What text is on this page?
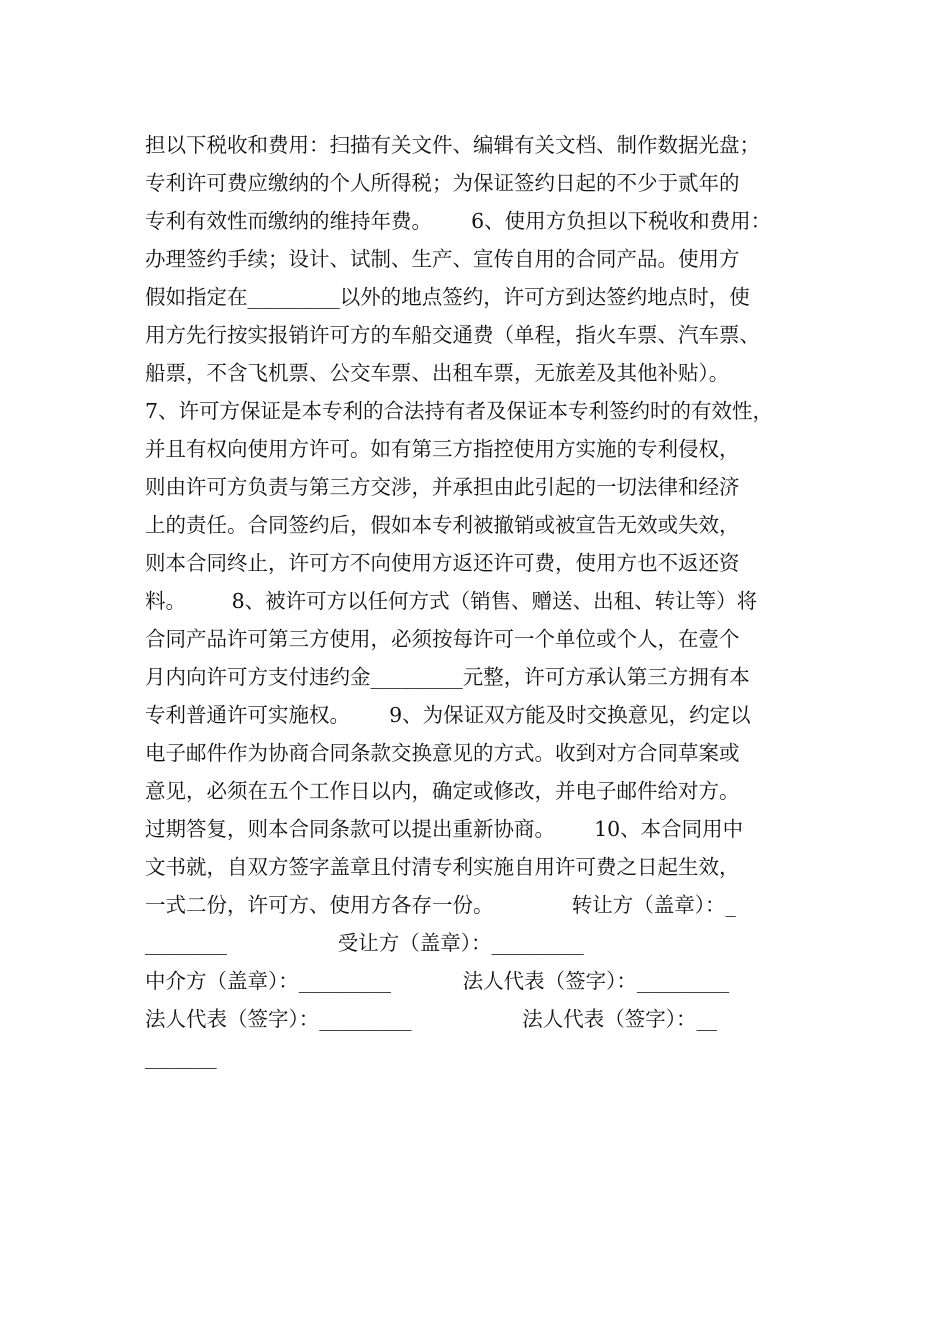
担以下税收和费用：扫描有关文件、编辑有关文档、制作数据光盘；
专利许可费应缴纳的个人所得税；为保证签约日起的不少于贰年的
专利有效性而缴纳的维持年费。      6、使用方负担以下税收和费用：
办理签约手续；设计、试制、生产、宣传自用的合同产品。使用方
假如指定在_________以外的地点签约，许可方到达签约地点时，使
用方先行按实报销许可方的车船交通费（单程，指火车票、汽车票、
船票，不含飞机票、公交车票、出租车票，无旅差及其他补贴）。
7、许可方保证是本专利的合法持有者及保证本专利签约时的有效性，
并且有权向使用方许可。如有第三方指控使用方实施的专利侵权，
则由许可方负责与第三方交涉，并承担由此引起的一切法律和经济
上的责任。合同签约后，假如本专利被撤销或被宣告无效或失效，
则本合同终止，许可方不向使用方返还许可费，使用方也不返还资
料。       8、被许可方以任何方式（销售、赠送、出租、转让等）将
合同产品许可第三方使用，必须按每许可一个单位或个人，在壹个
月内向许可方支付违约金_________元整，许可方承认第三方拥有本
专利普通许可实施权。      9、为保证双方能及时交换意见，约定以
电子邮件作为协商合同条款交换意见的方式。收到对方合同草案或
意见，必须在五个工作日以内，确定或修改，并电子邮件给对方。
过期答复，则本合同条款可以提出重新协商。      10、本合同用中
文书就，自双方签字盖章且付清专利实施自用许可费之日起生效，
一式二份，许可方、使用方各存一份。            转让方（盖章）：_
________                 受让方（盖章）：_________
中介方（盖章）：_________           法人代表（签字）：_________
法人代表（签字）：_________                 法人代表（签字）：__
_______
